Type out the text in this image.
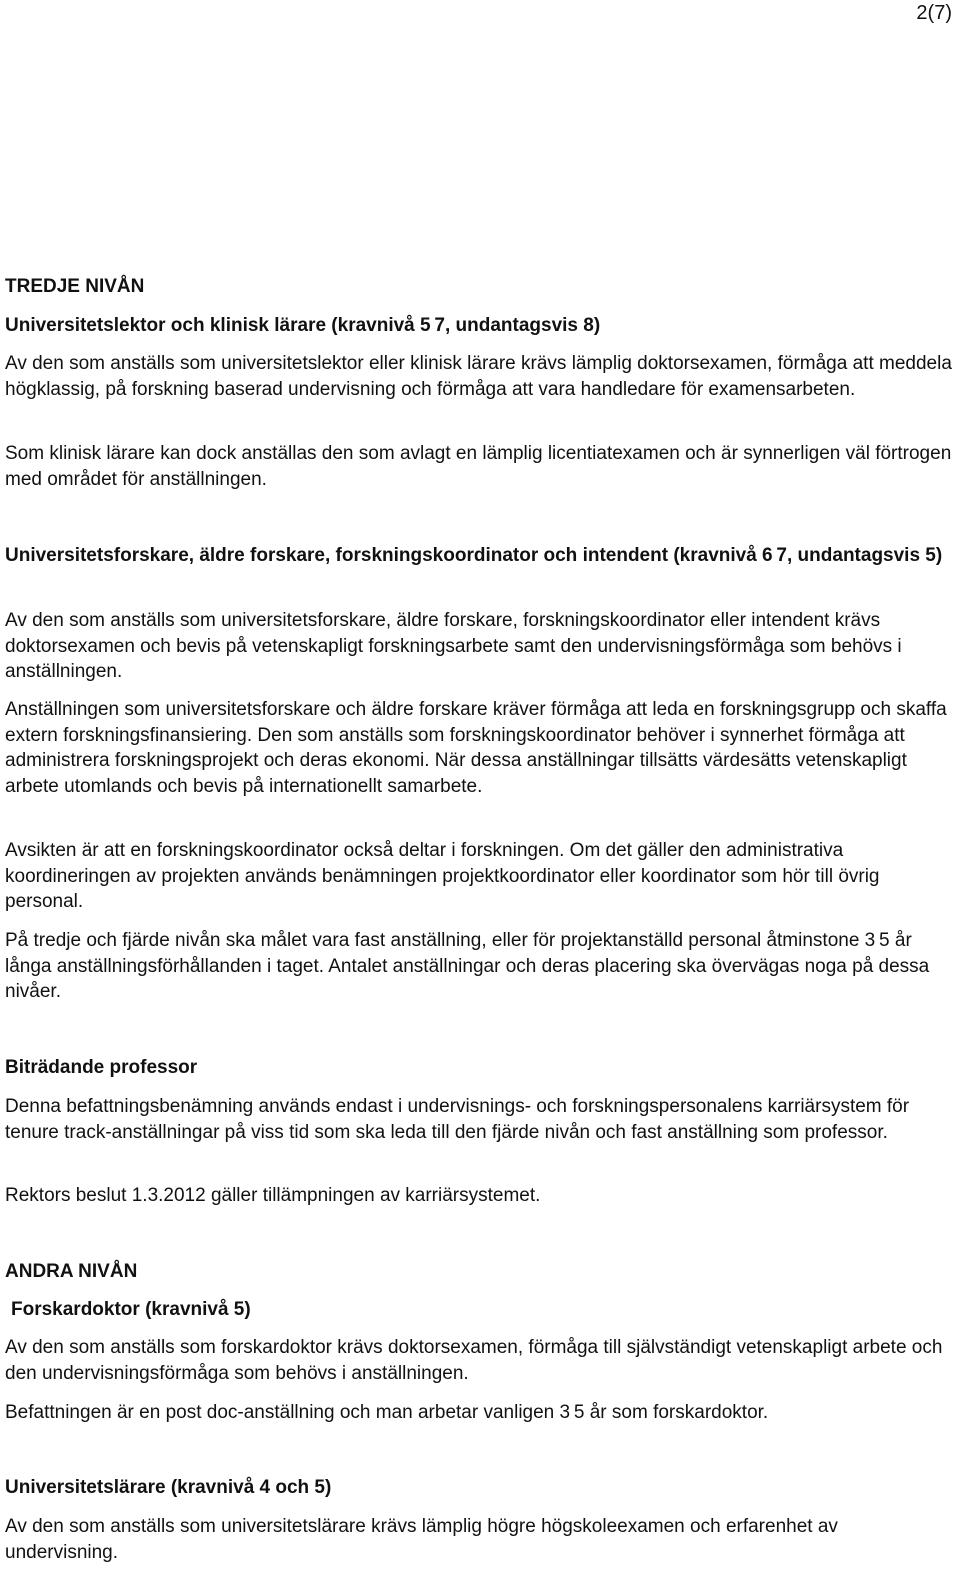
2(7)

TREDJE NIVÅN

Universitetslektor och klinisk lärare (kravnivå 5 7, undantagsvis 8)

Av den som anställs som universitetslektor eller klinisk lärare krävs lämplig doktorsexamen, förmåga att meddela högklassig, på forskning baserad undervisning och förmåga att vara handledare för examensarbeten.

Som klinisk lärare kan dock anställas den som avlagt en lämplig licentiatexamen och är synnerligen väl förtrogen med området för anställningen.

Universitetsforskare, äldre forskare, forskningskoordinator och intendent (kravnivå 6 7, undantagsvis 5)

Av den som anställs som universitetsforskare, äldre forskare, forskningskoordinator eller intendent krävs doktorsexamen och bevis på vetenskapligt forskningsarbete samt den undervisningsförmåga som behövs i anställningen.

Anställningen som universitetsforskare och äldre forskare kräver förmåga att leda en forskningsgrupp och skaffa extern forskningsfinansiering. Den som anställs som forskningskoordinator behöver i synnerhet förmåga att administrera forskningsprojekt och deras ekonomi. När dessa anställningar tillsätts värdesätts vetenskapligt arbete utomlands och bevis på internationellt samarbete.

Avsikten är att en forskningskoordinator också deltar i forskningen. Om det gäller den administrativa koordineringen av projekten används benämningen projektkoordinator eller koordinator som hör till övrig personal.

På tredje och fjärde nivån ska målet vara fast anställning, eller för projektanställd personal åtminstone 3 5 år långa anställningsförhållanden i taget. Antalet anställningar och deras placering ska övervägas noga på dessa nivåer.

Biträdande professor

Denna befattningsbenämning används endast i undervisnings- och forskningspersonalens karriärsystem för tenure track-anställningar på viss tid som ska leda till den fjärde nivån och fast anställning som professor.

Rektors beslut 1.3.2012 gäller tillämpningen av karriärsystemet.

ANDRA NIVÅN

Forskardoktor (kravnivå 5)

Av den som anställs som forskardoktor krävs doktorsexamen, förmåga till självständigt vetenskapligt arbete och den undervisningsförmåga som behövs i anställningen.

Befattningen är en post doc-anställning och man arbetar vanligen 3 5 år som forskardoktor.

Universitetslärare (kravnivå 4 och 5)

Av den som anställs som universitetslärare krävs lämplig högre högskoleexamen och erfarenhet av undervisning.
